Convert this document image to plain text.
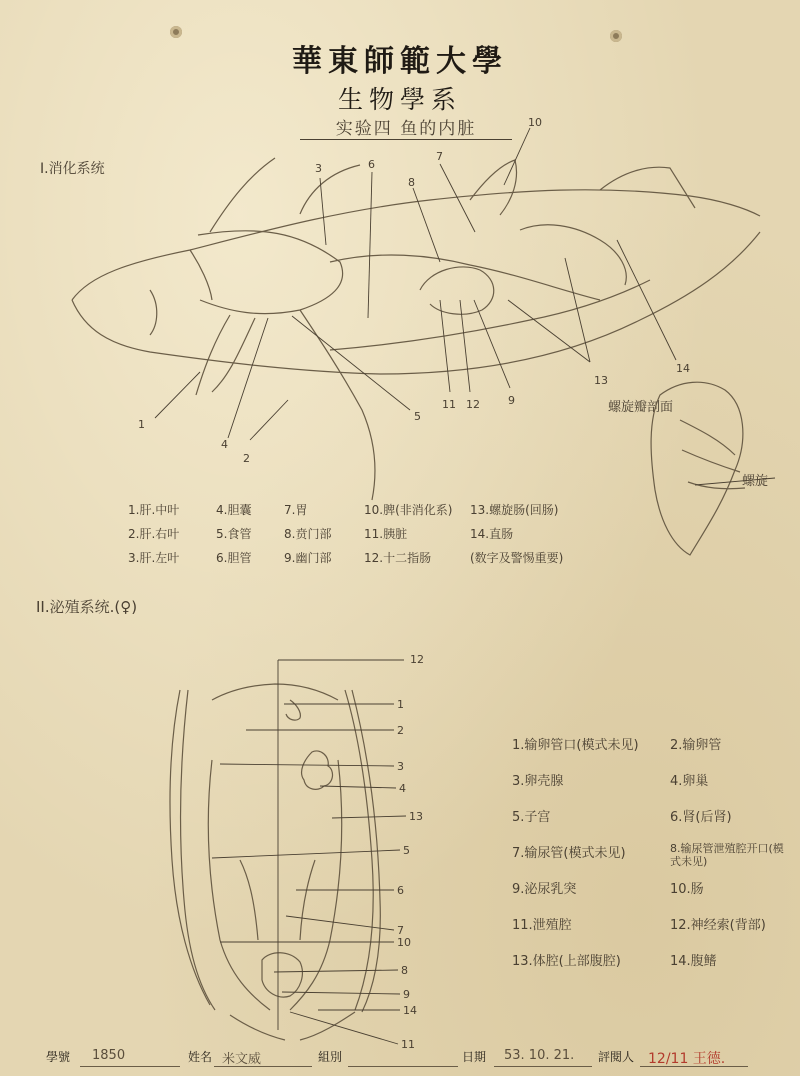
華東師範大學
生物學系
实验四 鱼的内脏
I.消化系统
螺旋瓣剖面
螺旋
1
2
3
4
5
6
7
8
9
10
11 12
13
14
1.肝.中叶	4.胆囊	7.胃	10.脾(非消化系)	13.螺旋肠(回肠)
2.肝.右叶	5.食管	8.贲门部	11.胰脏	14.直肠
3.肝.左叶	6.胆管	9.幽门部	12.十二指肠	(数字及警惕重要)
II.泌殖系统.(♀)
12
1
2
3
4
13
5
6
7
10
8
9
14
11
1.输卵管口(模式未见)	2.输卵管
3.卵壳腺	4.卵巢
5.子宫	6.肾(后肾)
7.输尿管(模式未见)	8.输尿管泄殖腔开口(模式未见)
9.泌尿乳突	10.肠
11.泄殖腔	12.神经索(背部)
13.体腔(上部腹腔)	14.腹鳍
學號 1850	姓名 米文威	組別	日期 53. 10. 21. 評閱人 12/11 王德.
